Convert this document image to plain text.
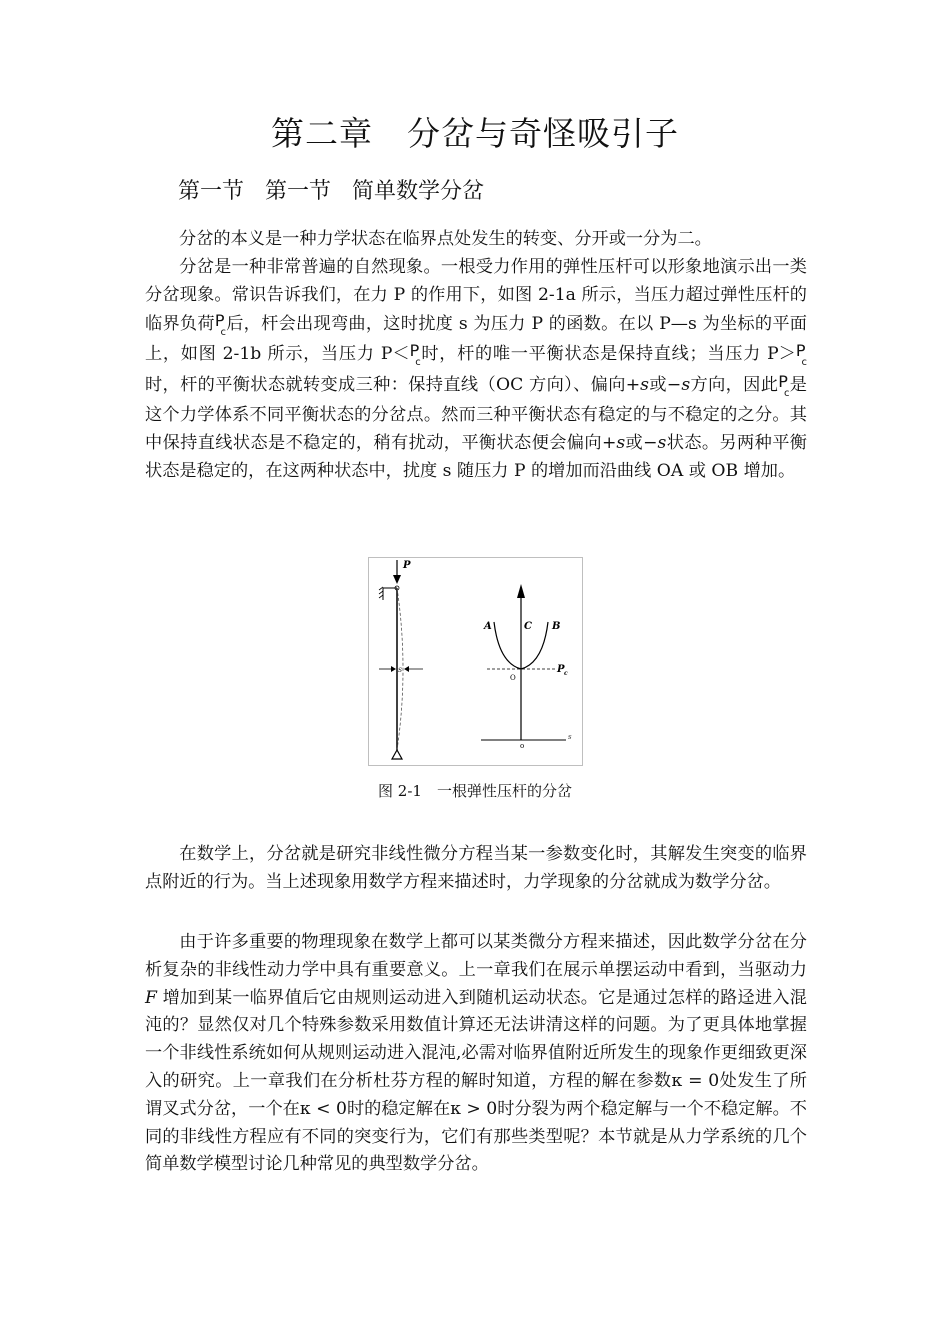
第二章　分岔与奇怪吸引子
第一节   第一节   简单数学分岔

分岔的本义是一种力学状态在临界点处发生的转变、分开或一分为二。

分岔是一种非常普遍的自然现象。一根受力作用的弹性压杆可以形象地演示出一类分岔现象。常识告诉我们，在力 P 的作用下，如图 2-1a 所示，当压力超过弹性压杆的临界负荷$P_c$后，杆会出现弯曲，这时扰度 s 为压力 P 的函数。在以 P—s 为坐标的平面上，如图 2-1b 所示，当压力 $P<P_c$时，杆的唯一平衡状态是保持直线；当压力 $P>P_c$时，杆的平衡状态就转变成三种：保持直线（OC 方向）、偏向+s或−s方向，因此$P_c$是这个力学体系不同平衡状态的分岔点。然而三种平衡状态有稳定的与不稳定的之分。其中保持直线状态是不稳定的，稍有扰动，平衡状态便会偏向+s或−s状态。另两种平衡状态是稳定的，在这两种状态中，扰度 s 随压力 P 的增加而沿曲线 OA 或 OB 增加。

P
s
o
s
A	C B
O
P c
图 2-1　一根弹性压杆的分岔

在数学上，分岔就是研究非线性微分方程当某一参数变化时，其解发生突变的临界点附近的行为。当上述现象用数学方程来描述时，力学现象的分岔就成为数学分岔。

由于许多重要的物理现象在数学上都可以某类微分方程来描述，因此数学分岔在分析复杂的非线性动力学中具有重要意义。上一章我们在展示单摆运动中看到，当驱动力 F 增加到某一临界值后它由规则运动进入到随机运动状态。它是通过怎样的路迳进入混沌的？显然仅对几个特殊参数采用数值计算还无法讲清这样的问题。为了更具体地掌握一个非线性系统如何从规则运动进入混沌,必需对临界值附近所发生的现象作更细致更深入的研究。上一章我们在分析杜芬方程的解时知道，方程的解在参数κ = 0处发生了所谓叉式分岔，一个在κ < 0时的稳定解在κ > 0时分裂为两个稳定解与一个不稳定解。不同的非线性方程应有不同的突变行为，它们有那些类型呢？本节就是从力学系统的几个简单数学模型讨论几种常见的典型数学分岔。
